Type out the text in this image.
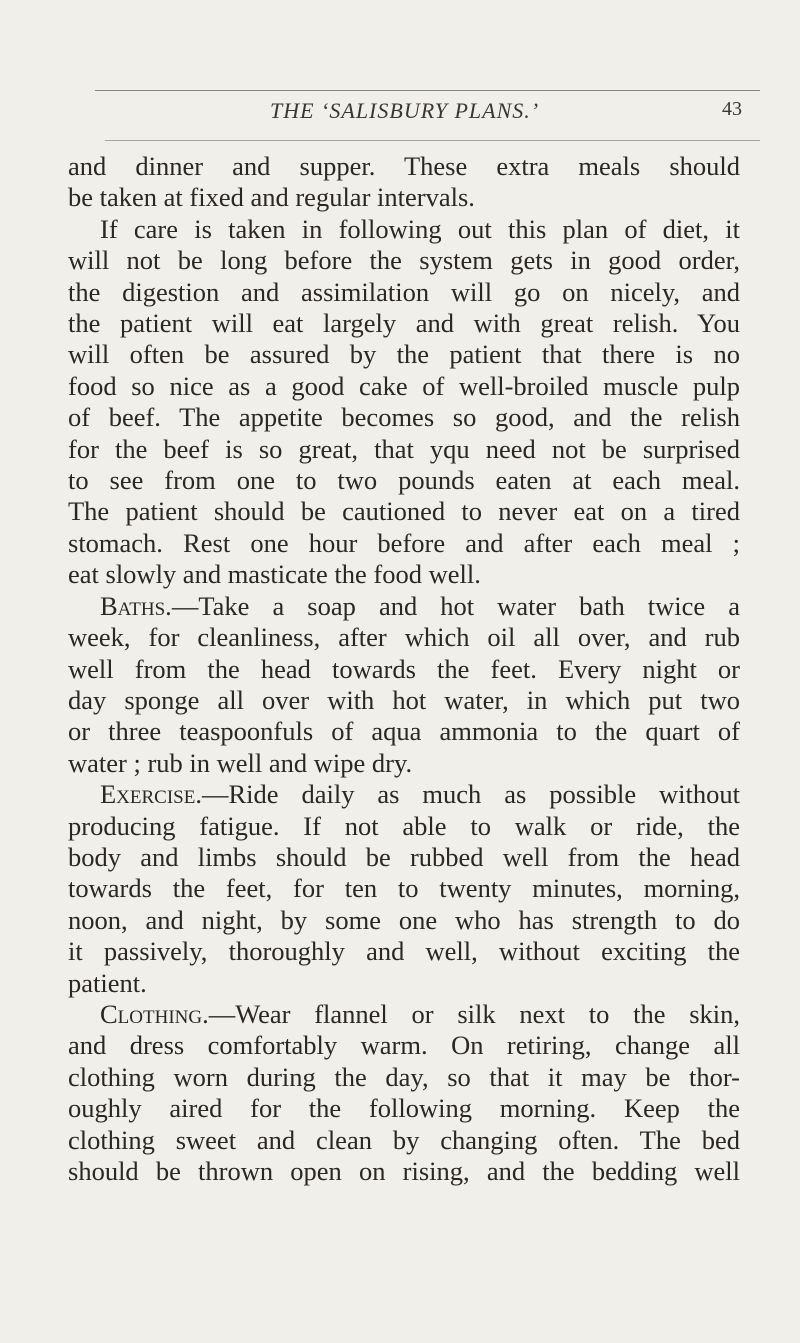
THE ‘SALISBURY PLANS.’	43
and dinner and supper. These extra meals should
be taken at fixed and regular intervals.
If care is taken in following out this plan of diet, it
will not be long before the system gets in good order,
the digestion and assimilation will go on nicely, and
the patient will eat largely and with great relish. You
will often be assured by the patient that there is no
food so nice as a good cake of well-broiled muscle pulp
of beef. The appetite becomes so good, and the relish
for the beef is so great, that yqu need not be surprised
to see from one to two pounds eaten at each meal.
The patient should be cautioned to never eat on a tired
stomach. Rest one hour before and after each meal ;
eat slowly and masticate the food well.
Baths.—Take a soap and hot water bath twice a
week, for cleanliness, after which oil all over, and rub
well from the head towards the feet. Every night or
day sponge all over with hot water, in which put two
or three teaspoonfuls of aqua ammonia to the quart of
water ; rub in well and wipe dry.
Exercise.—Ride daily as much as possible without
producing fatigue. If not able to walk or ride, the
body and limbs should be rubbed well from the head
towards the feet, for ten to twenty minutes, morning,
noon, and night, by some one who has strength to do
it passively, thoroughly and well, without exciting the
patient.
Clothing.—Wear flannel or silk next to the skin,
and dress comfortably warm. On retiring, change all
clothing worn during the day, so that it may be thor-
oughly aired for the following morning. Keep the
clothing sweet and clean by changing often. The bed
should be thrown open on rising, and the bedding well
